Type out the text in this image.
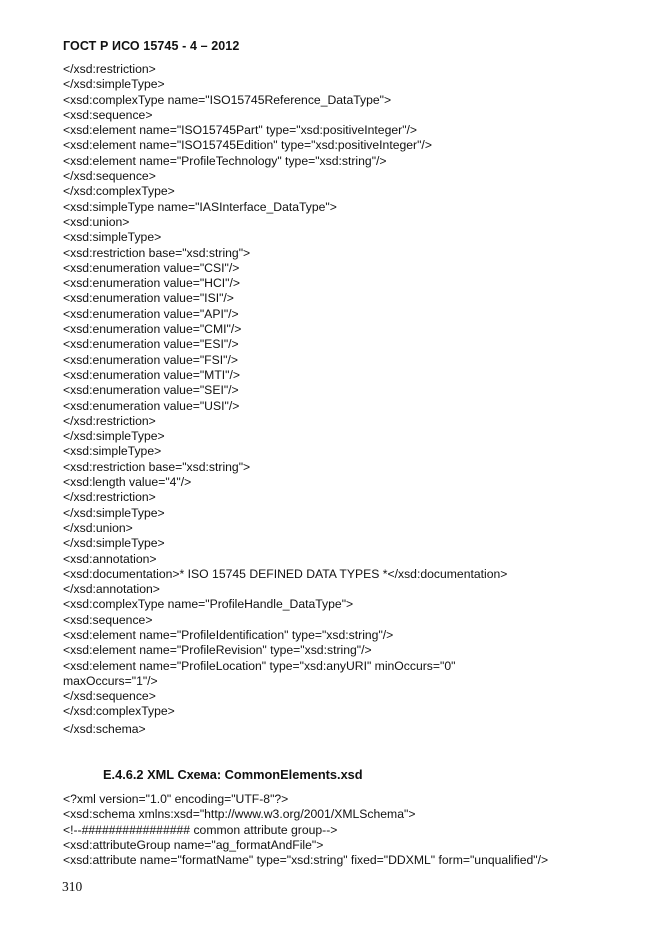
ГОСТ Р ИСО 15745 - 4 – 2012
</xsd:restriction>
</xsd:simpleType>
<xsd:complexType name="ISO15745Reference_DataType">
<xsd:sequence>
<xsd:element name="ISO15745Part" type="xsd:positiveInteger"/>
<xsd:element name="ISO15745Edition" type="xsd:positiveInteger"/>
<xsd:element name="ProfileTechnology" type="xsd:string"/>
</xsd:sequence>
</xsd:complexType>
<xsd:simpleType name="IASInterface_DataType">
<xsd:union>
<xsd:simpleType>
<xsd:restriction base="xsd:string">
<xsd:enumeration value="CSI"/>
<xsd:enumeration value="HCI"/>
<xsd:enumeration value="ISI"/>
<xsd:enumeration value="API"/>
<xsd:enumeration value="CMI"/>
<xsd:enumeration value="ESI"/>
<xsd:enumeration value="FSI"/>
<xsd:enumeration value="MTI"/>
<xsd:enumeration value="SEI"/>
<xsd:enumeration value="USI"/>
</xsd:restriction>
</xsd:simpleType>
<xsd:simpleType>
<xsd:restriction base="xsd:string">
<xsd:length value="4"/>
</xsd:restriction>
</xsd:simpleType>
</xsd:union>
</xsd:simpleType>
<xsd:annotation>
<xsd:documentation>* ISO 15745 DEFINED DATA TYPES *</xsd:documentation>
</xsd:annotation>
<xsd:complexType name="ProfileHandle_DataType">
<xsd:sequence>
<xsd:element name="ProfileIdentification" type="xsd:string"/>
<xsd:element name="ProfileRevision" type="xsd:string"/>
<xsd:element name="ProfileLocation" type="xsd:anyURI" minOccurs="0"
maxOccurs="1"/>
</xsd:sequence>
</xsd:complexType>
</xsd:schema>
E.4.6.2 XML Схема: CommonElements.xsd
<?xml version="1.0" encoding="UTF-8"?>
<xsd:schema xmlns:xsd="http://www.w3.org/2001/XMLSchema">
<!--################ common attribute group-->
<xsd:attributeGroup name="ag_formatAndFile">
<xsd:attribute name="formatName" type="xsd:string" fixed="DDXML" form="unqualified"/>
310
